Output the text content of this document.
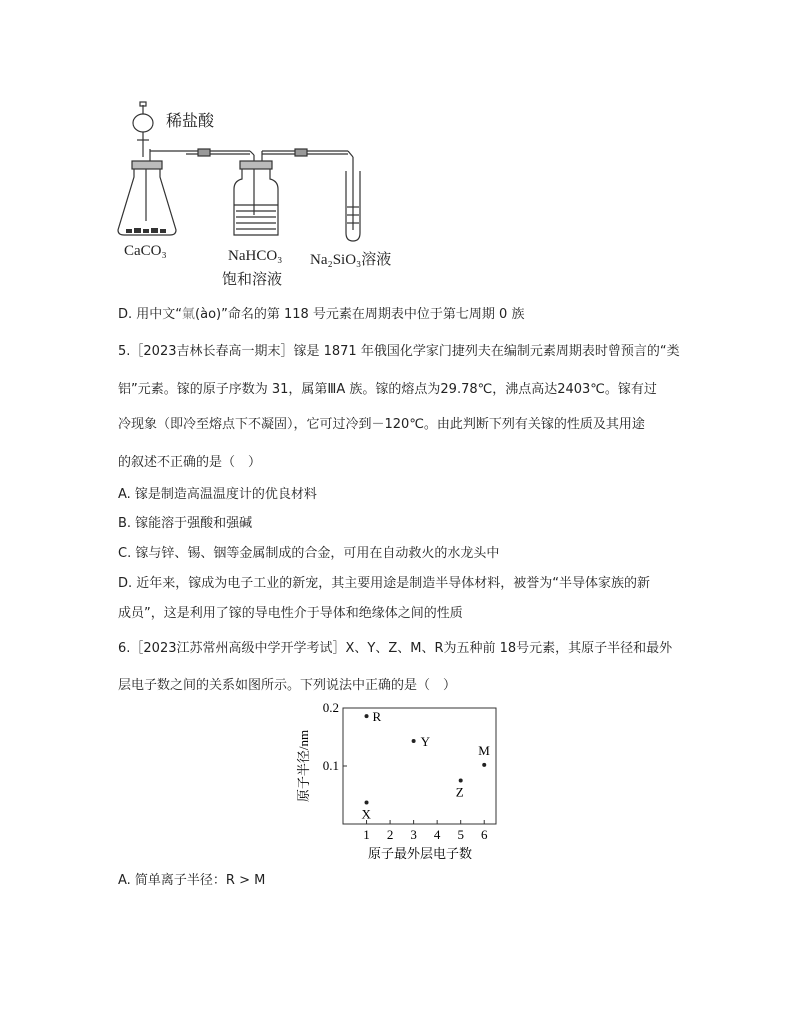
稀盐酸
CaCO₃	NaHCO₃
饱和溶液
Na₂SiO₃溶液
D. 用中文“氭(ào)”命名的第 118 号元素在周期表中位于第七周期 0 族
5.［2023吉林长春高一期末］镓是 1871 年俄国化学家门捷列夫在编制元素周期表时曾预言的“类
铝”元素。镓的原子序数为 31，属第ⅢA 族。镓的熔点为29.78℃，沸点高达2403℃。镓有过
冷现象（即冷至熔点下不凝固），它可过冷到－120℃。由此判断下列有关镓的性质及其用途
的叙述不正确的是（　）
A. 镓是制造高温温度计的优良材料
B. 镓能溶于强酸和强碱
C. 镓与锌、锡、铟等金属制成的合金，可用在自动救火的水龙头中
D. 近年来，镓成为电子工业的新宠，其主要用途是制造半导体材料，被誉为“半导体家族的新
成员”，这是利用了镓的导电性介于导体和绝缘体之间的性质
6.［2023江苏常州高级中学开学考试］X、Y、Z、M、R为五种前 18号元素，其原子半径和最外
层电子数之间的关系如图所示。下列说法中正确的是（　）
原子半径/nm
原子最外层电子数
1 2 3 4 5 6
0.1
0.2
R
Y
M
Z
X
A. 简单离子半径：R > M
